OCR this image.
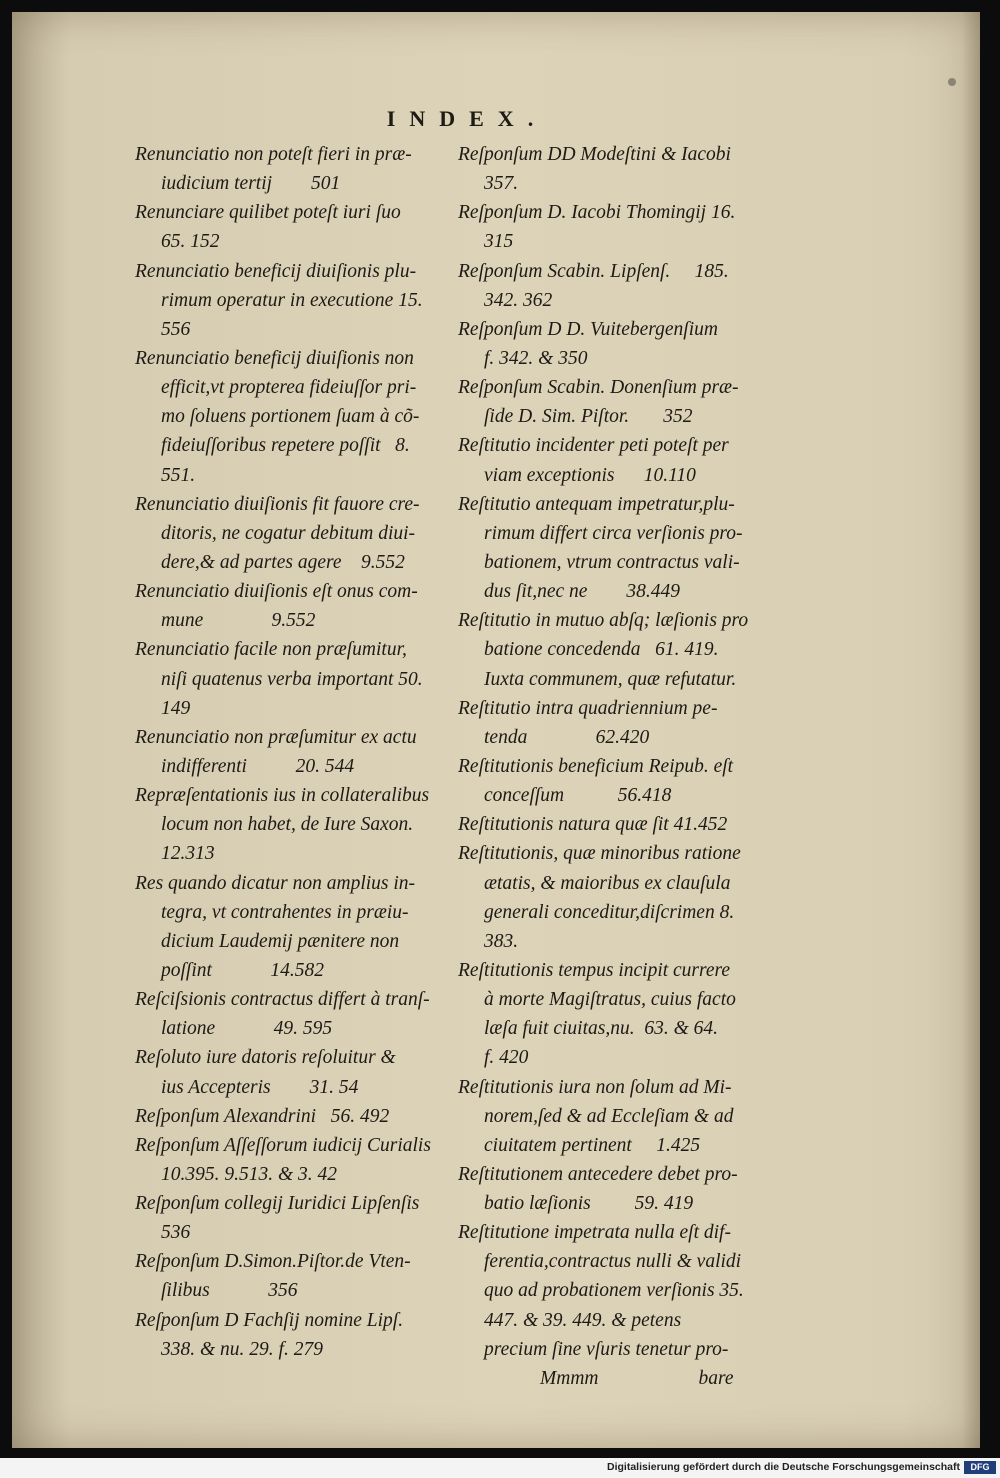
INDEX.
Renunciatio non poteſt fieri in præ-
iudicium tertij        501
Renunciare quilibet poteſt iuri ſuo
65. 152
Renunciatio beneficij diuiſionis plu-
rimum operatur in executione 15.
556
Renunciatio beneficij diuiſionis non
efficit,vt propterea fideiuſſor pri-
mo ſoluens portionem ſuam à cõ-
fideiuſſoribus repetere poſſit   8.
551.
Renunciatio diuiſionis fit fauore cre-
ditoris, ne cogatur debitum diui-
dere,& ad partes agere    9.552
Renunciatio diuiſionis eſt onus com-
mune              9.552
Renunciatio facile non præſumitur,
niſi quatenus verba important 50.
149
Renunciatio non præſumitur ex actu
indifferenti          20. 544
Repræſentationis ius in collateralibus
locum non habet, de Iure Saxon.
12.313
Res quando dicatur non amplius in-
tegra, vt contrahentes in præiu-
dicium Laudemij pænitere non
poſſint            14.582
Reſciſsionis contractus differt à tranſ-
latione            49. 595
Reſoluto iure datoris reſoluitur &
ius Accepteris        31. 54
Reſponſum Alexandrini   56. 492
Reſponſum Aſſeſſorum iudicij Curialis
10.395. 9.513. & 3. 42
Reſponſum collegij Iuridici Lipſenſis
536
Reſponſum D.Simon.Piſtor.de Vten-
ſilibus            356
Reſponſum D Fachſij nomine Lipſ.
338. & nu. 29. f. 279
Reſponſum DD Modeſtini & Iacobi
357.
Reſponſum D. Iacobi Thomingij 16.
315
Reſponſum Scabin. Lipſenſ.     185.
342. 362
Reſponſum D D. Vuitebergenſium
f. 342. & 350
Reſponſum Scabin. Donenſium præ-
ſide D. Sim. Piſtor.       352
Reſtitutio incidenter peti poteſt per
viam exceptionis      10.110
Reſtitutio antequam impetratur,plu-
rimum differt circa verſionis pro-
bationem, vtrum contractus vali-
dus ſit,nec ne        38.449
Reſtitutio in mutuo abſq; læſionis pro
batione concedenda   61. 419.
Iuxta communem, quæ refutatur.
Reſtitutio intra quadriennium pe-
tenda              62.420
Reſtitutionis beneficium Reipub. eſt
conceſſum           56.418
Reſtitutionis natura quæ ſit 41.452
Reſtitutionis, quæ minoribus ratione
ætatis, & maioribus ex clauſula
generali conceditur,diſcrimen 8.
383.
Reſtitutionis tempus incipit currere
à morte Magiſtratus, cuius facto
læſa fuit ciuitas,nu.  63. & 64.
f. 420
Reſtitutionis iura non ſolum ad Mi-
norem,ſed & ad Eccleſiam & ad
ciuitatem pertinent     1.425
Reſtitutionem antecedere debet pro-
batio læſionis         59. 419
Reſtitutione impetrata nulla eſt dif-
ferentia,contractus nulli & validi
quo ad probationem verſionis 35.
447. & 39. 449. & petens
precium ſine vſuris tenetur pro-
Mmmm	bare
Digitalisierung gefördert durch die Deutsche Forschungsgemeinschaft	DFG
